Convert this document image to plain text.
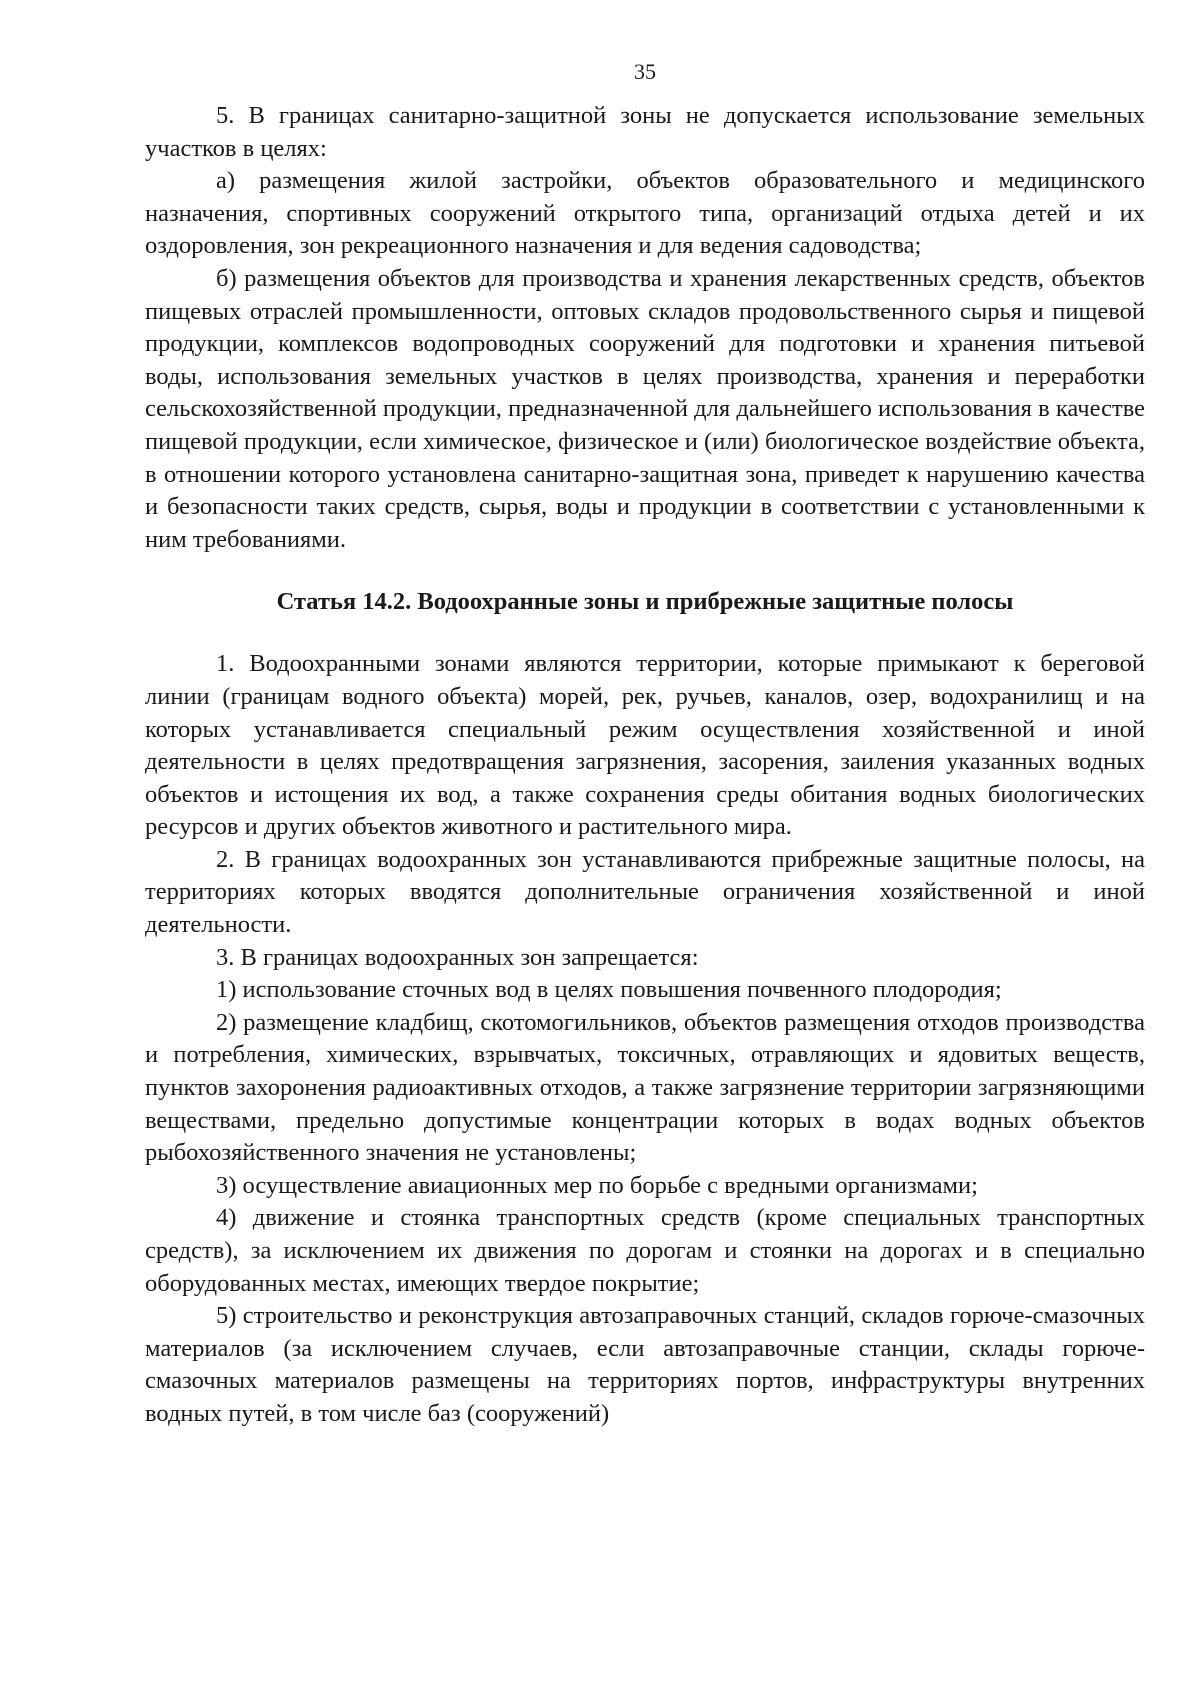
35

5. В границах санитарно-защитной зоны не допускается использование земельных участков в целях:

а) размещения жилой застройки, объектов образовательного и медицинского назначения, спортивных сооружений открытого типа, организаций отдыха детей и их оздоровления, зон рекреационного назначения и для ведения садоводства;

б) размещения объектов для производства и хранения лекарственных средств, объектов пищевых отраслей промышленности, оптовых складов продовольственного сырья и пищевой продукции, комплексов водопроводных сооружений для подготовки и хранения питьевой воды, использования земельных участков в целях производства, хранения и переработки сельскохозяйственной продукции, предназначенной для дальнейшего использования в качестве пищевой продукции, если химическое, физическое и (или) биологическое воздействие объекта, в отношении которого установлена санитарно-защитная зона, приведет к нарушению качества и безопасности таких средств, сырья, воды и продукции в соответствии с установленными к ним требованиями.

Статья 14.2. Водоохранные зоны и прибрежные защитные полосы

1. Водоохранными зонами являются территории, которые примыкают к береговой линии (границам водного объекта) морей, рек, ручьев, каналов, озер, водохранилищ и на которых устанавливается специальный режим осуществления хозяйственной и иной деятельности в целях предотвращения загрязнения, засорения, заиления указанных водных объектов и истощения их вод, а также сохранения среды обитания водных биологических ресурсов и других объектов животного и растительного мира.

2. В границах водоохранных зон устанавливаются прибрежные защитные полосы, на территориях которых вводятся дополнительные ограничения хозяйственной и иной деятельности.

3. В границах водоохранных зон запрещается:

1) использование сточных вод в целях повышения почвенного плодородия;

2) размещение кладбищ, скотомогильников, объектов размещения отходов производства и потребления, химических, взрывчатых, токсичных, отравляющих и ядовитых веществ, пунктов захоронения радиоактивных отходов, а также загрязнение территории загрязняющими веществами, предельно допустимые концентрации которых в водах водных объектов рыбохозяйственного значения не установлены;

3) осуществление авиационных мер по борьбе с вредными организмами;

4) движение и стоянка транспортных средств (кроме специальных транспортных средств), за исключением их движения по дорогам и стоянки на дорогах и в специально оборудованных местах, имеющих твердое покрытие;

5) строительство и реконструкция автозаправочных станций, складов горюче-смазочных материалов (за исключением случаев, если автозаправочные станции, склады горюче-смазочных материалов размещены на территориях портов, инфраструктуры внутренних водных путей, в том числе баз (сооружений)
